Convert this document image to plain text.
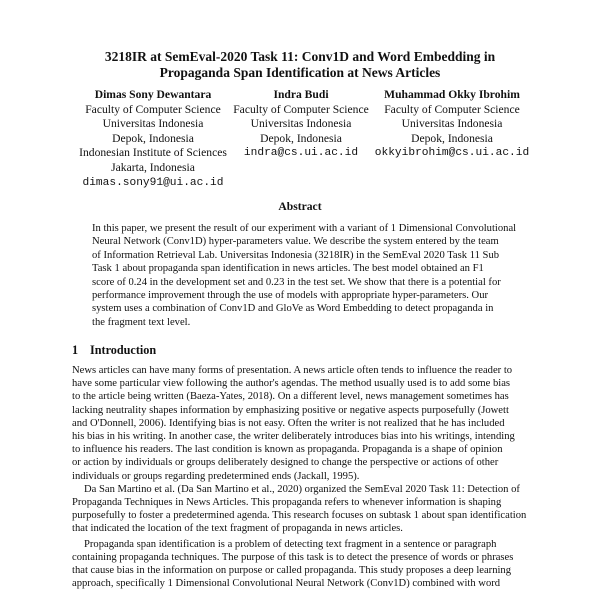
3218IR at SemEval-2020 Task 11: Conv1D and Word Embedding in
Propaganda Span Identification at News Articles
Dimas Sony Dewantara
Faculty of Computer Science
Universitas Indonesia
Depok, Indonesia
Indonesian Institute of Sciences
Jakarta, Indonesia
dimas.sony91@ui.ac.id
Indra Budi
Faculty of Computer Science
Universitas Indonesia
Depok, Indonesia
indra@cs.ui.ac.id
Muhammad Okky Ibrohim
Faculty of Computer Science
Universitas Indonesia
Depok, Indonesia
okkyibrohim@cs.ui.ac.id
Abstract
In this paper, we present the result of our experiment with a variant of 1 Dimensional Convolutional
Neural Network (Conv1D) hyper-parameters value. We describe the system entered by the team
of Information Retrieval Lab. Universitas Indonesia (3218IR) in the SemEval 2020 Task 11 Sub
Task 1 about propaganda span identification in news articles. The best model obtained an F1
score of 0.24 in the development set and 0.23 in the test set. We show that there is a potential for
performance improvement through the use of models with appropriate hyper-parameters. Our
system uses a combination of Conv1D and GloVe as Word Embedding to detect propaganda in
the fragment text level.
1 Introduction
News articles can have many forms of presentation. A news article often tends to influence the reader to
have some particular view following the author's agendas. The method usually used is to add some bias
to the article being written (Baeza-Yates, 2018). On a different level, news management sometimes has
lacking neutrality shapes information by emphasizing positive or negative aspects purposefully (Jowett
and O'Donnell, 2006). Identifying bias is not easy. Often the writer is not realized that he has included
his bias in his writing. In another case, the writer deliberately introduces bias into his writings, intending
to influence his readers. The last condition is known as propaganda. Propaganda is a shape of opinion
or action by individuals or groups deliberately designed to change the perspective or actions of other
individuals or groups regarding predetermined ends (Jackall, 1995).
Da San Martino et al. (Da San Martino et al., 2020) organized the SemEval 2020 Task 11: Detection of
Propaganda Techniques in News Articles. This propaganda refers to whenever information is shaping
purposefully to foster a predetermined agenda. This research focuses on subtask 1 about span identification
that indicated the location of the text fragment of propaganda in news articles.
Propaganda span identification is a problem of detecting text fragment in a sentence or paragraph
containing propaganda techniques. The purpose of this task is to detect the presence of words or phrases
that cause bias in the information on purpose or called propaganda. This study proposes a deep learning
approach, specifically 1 Dimensional Convolutional Neural Network (Conv1D) combined with word
